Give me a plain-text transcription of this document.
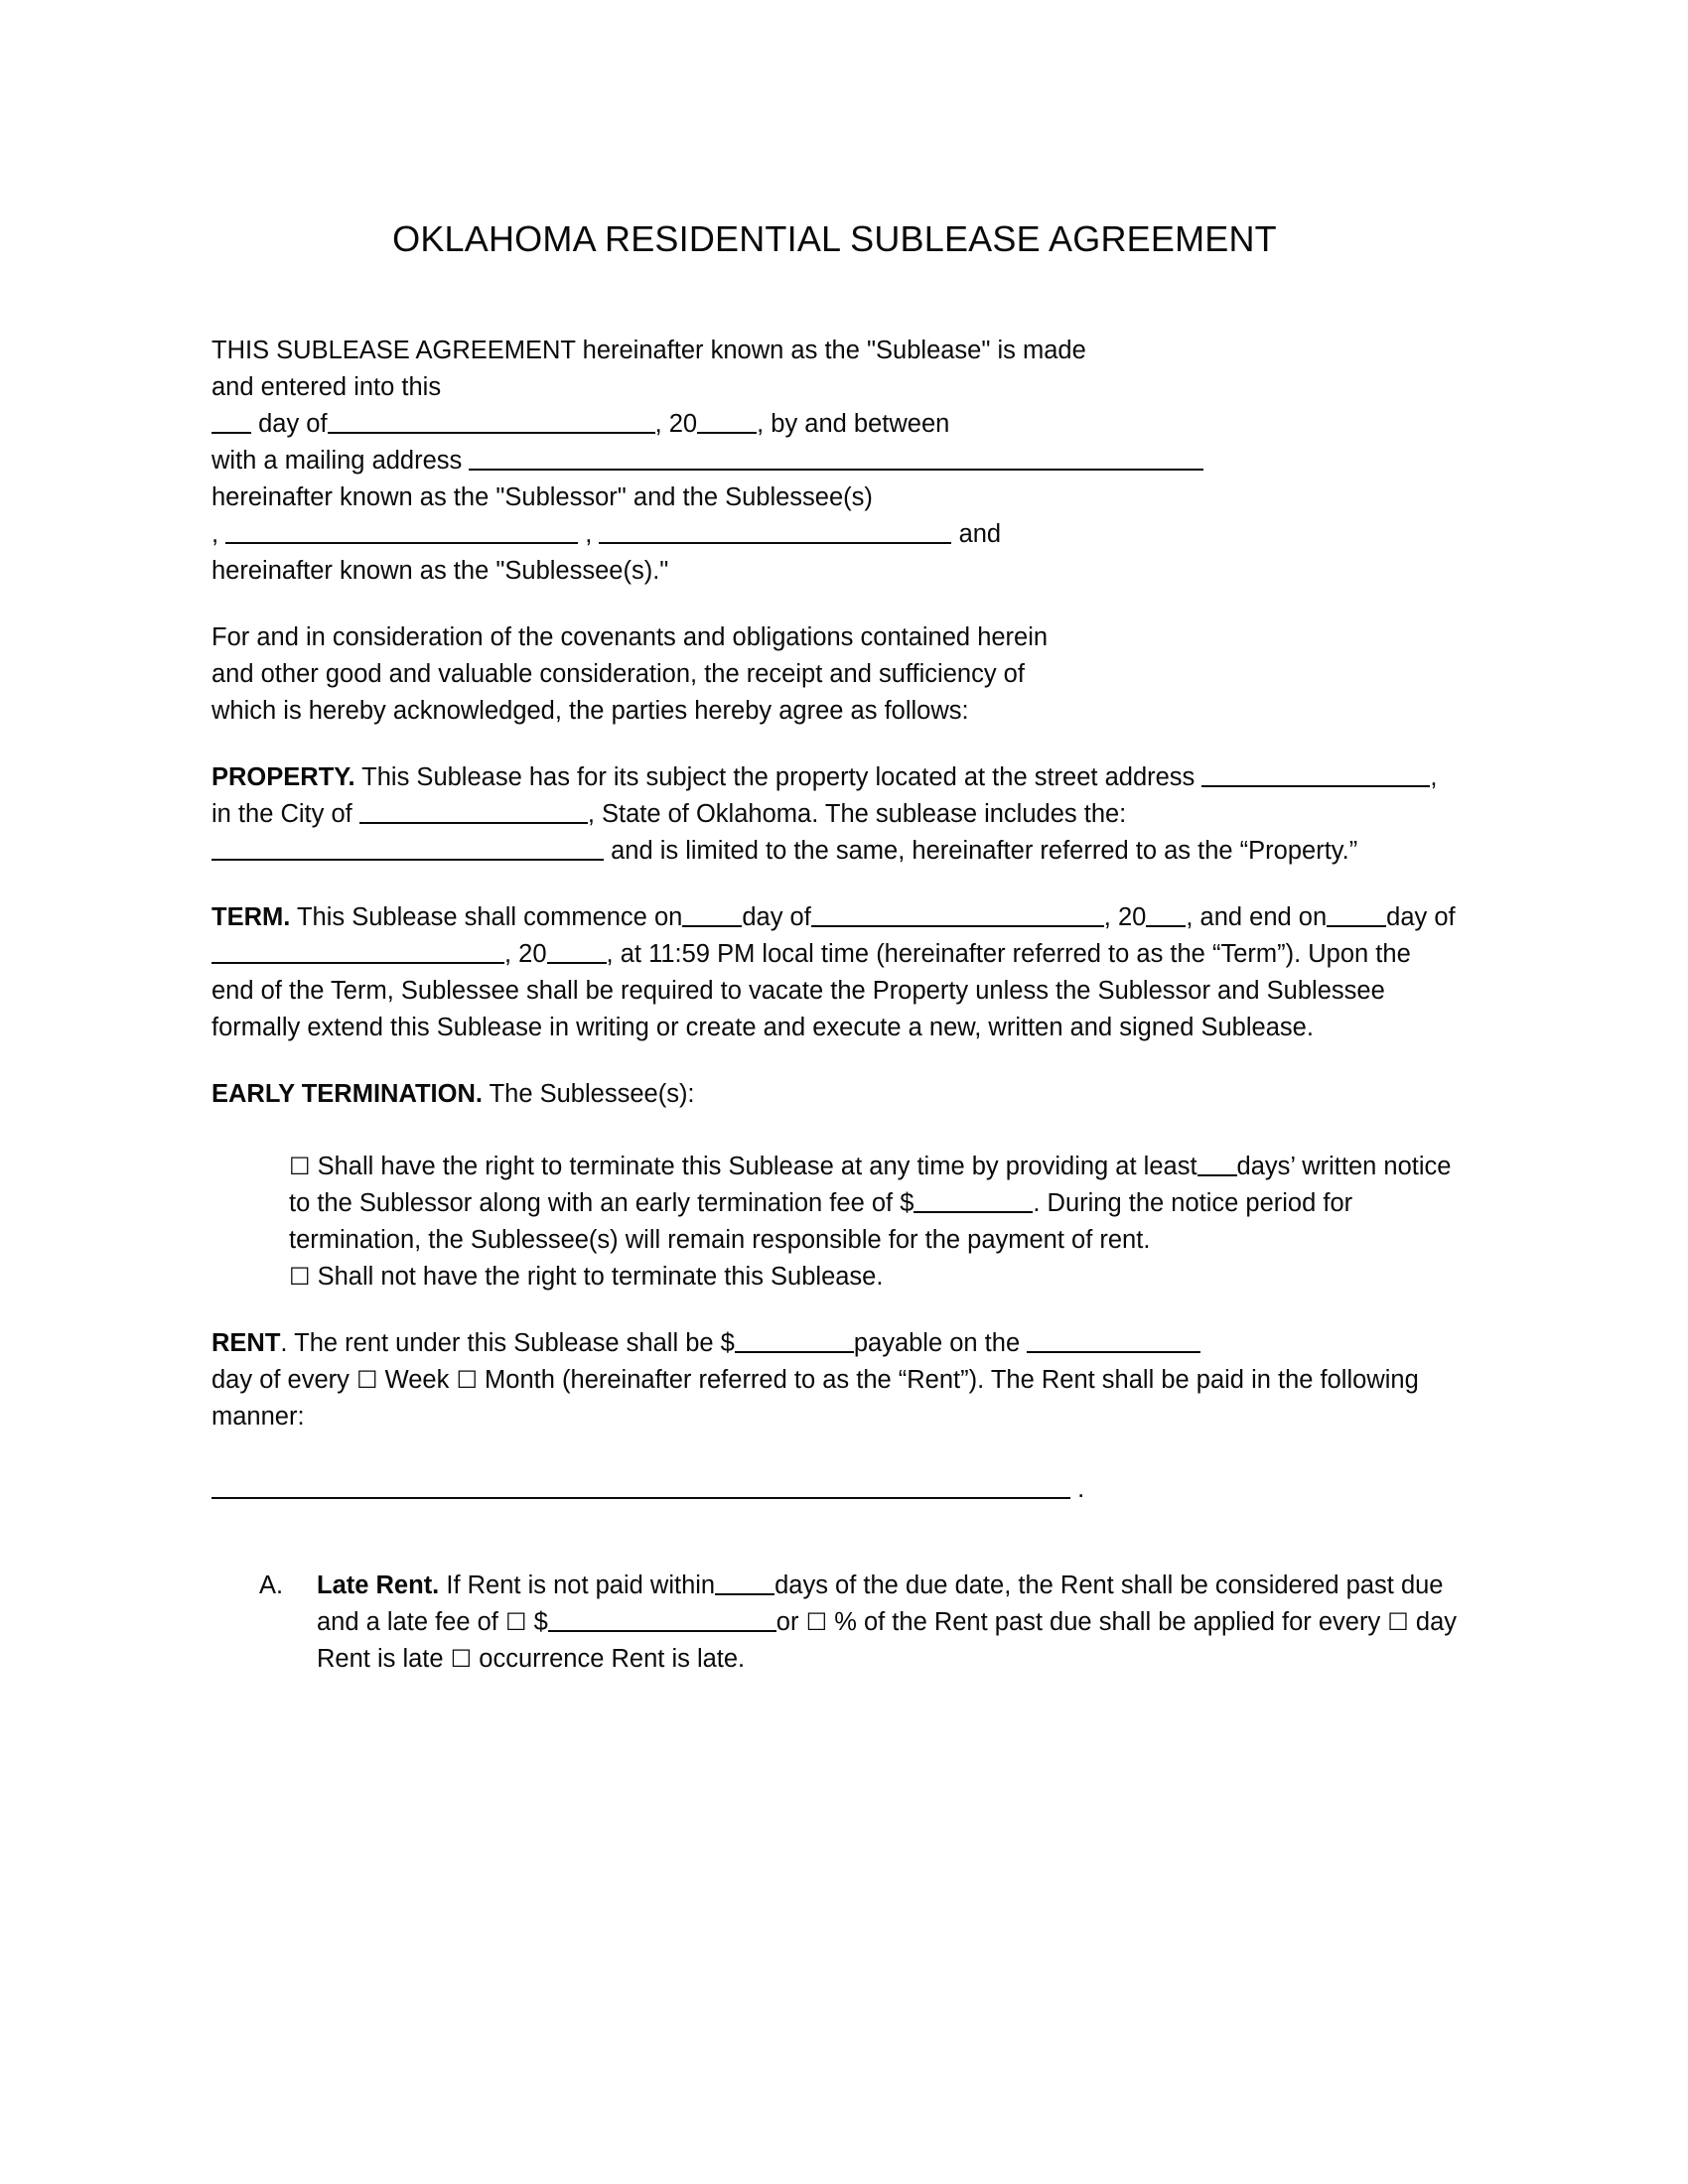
OKLAHOMA RESIDENTIAL SUBLEASE AGREEMENT

THIS SUBLEASE AGREEMENT hereinafter known as the "Sublease" is made
and entered into this
day of	, 20 , by and between
with a mailing address
hereinafter known as the "Sublessor" and the Sublessee(s)
,	,	and
hereinafter known as the "Sublessee(s)."

For and in consideration of the covenants and obligations contained herein
and other good and valuable consideration, the receipt and sufficiency of
which is hereby acknowledged, the parties hereby agree as follows:

PROPERTY. This Sublease has for its subject the property located at the street address	, in the City of	, State of Oklahoma. The sublease includes the:
and is limited to the same, hereinafter referred to as the “Property.”

TERM. This Sublease shall commence on day of	, 20 , and end on day of, 20 , at 11:59 PM local time (hereinafter referred to as the “Term”). Upon the end of the Term, Sublessee shall be required to vacate the Property unless the Sublessor and Sublessee formally extend this Sublease in writing or create and execute a new, written and signed Sublease.

EARLY TERMINATION. The Sublessee(s):

☐ Shall have the right to terminate this Sublease at any time by providing at least days’ written notice to the Sublessor along with an early termination fee of $	. During the notice period for termination, the Sublessee(s) will remain responsible for the payment of rent.

☐ Shall not have the right to terminate this Sublease.

RENT. The rent under this Sublease shall be $	payable on the
day of every ☐ Week ☐ Month (hereinafter referred to as the “Rent”). The Rent shall be paid in the following manner:

.

A.	Late Rent. If Rent is not paid within days of the due date, the Rent shall be considered past due and a late fee of ☐ $	or ☐ % of the Rent past due shall be applied for every ☐ day Rent is late ☐ occurrence Rent is late.
